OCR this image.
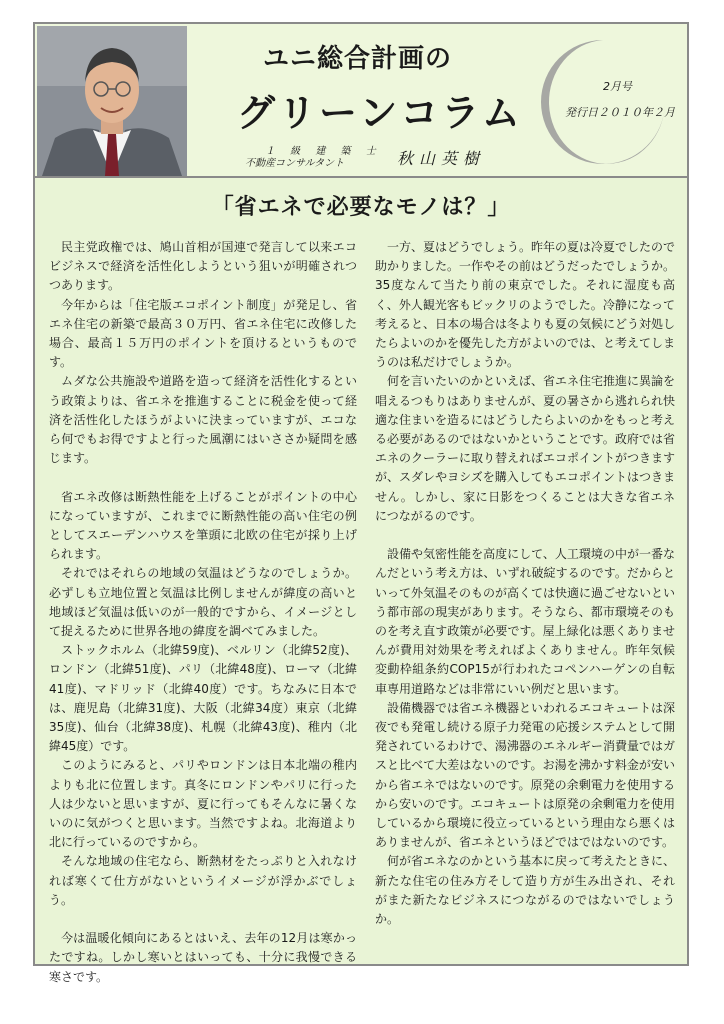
ユニ総合計画の
グリーンコラム
１ 級 建 築 士
不動産コンサルタント	秋山英樹
2月号
発行日２０１０年２月
「省エネで必要なモノは？」

民主党政権では、鳩山首相が国連で発言して以来エコビジネスで経済を活性化しようという狙いが明確されつつあります。

今年からは「住宅版エコポイント制度」が発足し、省エネ住宅の新築で最高３０万円、省エネ住宅に改修した場合、最高１５万円のポイントを頂けるというものです。

ムダな公共施設や道路を造って経済を活性化するという政策よりは、省エネを推進することに税金を使って経済を活性化したほうがよいに決まっていますが、エコなら何でもお得ですよと行った風潮にはいささか疑問を感じます。

省エネ改修は断熱性能を上げることがポイントの中心になっていますが、これまでに断熱性能の高い住宅の例としてスエーデンハウスを筆頭に北欧の住宅が採り上げられます。

それではそれらの地域の気温はどうなのでしょうか。必ずしも立地位置と気温は比例しませんが緯度の高いと地域ほど気温は低いのが一般的ですから、イメージとして捉えるために世界各地の緯度を調べてみました。

ストックホルム（北緯59度)、ベルリン（北緯52度)、ロンドン（北緯51度)、パリ（北緯48度)、ローマ（北緯41度)、マドリッド（北緯40度）です。ちなみに日本では、鹿児島（北緯31度)、大阪（北緯34度）東京（北緯35度)、仙台（北緯38度)、札幌（北緯43度)、稚内（北緯45度）です。

このようにみると、パリやロンドンは日本北端の稚内よりも北に位置します。真冬にロンドンやパリに行った人は少ないと思いますが、夏に行ってもそんなに暑くないのに気がつくと思います。当然ですよね。北海道より北に行っているのですから。

そんな地域の住宅なら、断熱材をたっぷりと入れなければ寒くて仕方がないというイメージが浮かぶでしょう。

今は温暖化傾向にあるとはいえ、去年の12月は寒かったですね。しかし寒いとはいっても、十分に我慢できる寒さです。

一方、夏はどうでしょう。昨年の夏は冷夏でしたので助かりました。一作やその前はどうだったでしょうか。35度なんて当たり前の東京でした。それに湿度も高く、外人観光客もビックリのようでした。冷静になって考えると、日本の場合は冬よりも夏の気候にどう対処したらよいのかを優先した方がよいのでは、と考えてしまうのは私だけでしょうか。

何を言いたいのかといえば、省エネ住宅推進に異論を唱えるつもりはありませんが、夏の暑さから逃れられ快適な住まいを造るにはどうしたらよいのかをもっと考える必要があるのではないかということです。政府では省エネのクーラーに取り替えればエコポイントがつきますが、スダレやヨシズを購入してもエコポイントはつきません。しかし、家に日影をつくることは大きな省エネにつながるのです。

設備や気密性能を高度にして、人工環境の中が一番なんだという考え方は、いずれ破綻するのです。だからといって外気温そのものが高くては快適に過ごせないという都市部の現実があります。そうなら、都市環境そのものを考え直す政策が必要です。屋上緑化は悪くありませんが費用対効果を考えればよくありません。昨年気候変動枠組条約COP15が行われたコペンハーゲンの自転車専用道路などは非常にいい例だと思います。

設備機器では省エネ機器といわれるエコキュートは深夜でも発電し続ける原子力発電の応援システムとして開発されているわけで、湯沸器のエネルギー消費量ではガスと比べて大差はないのです。お湯を沸かす料金が安いから省エネではないのです。原発の余剰電力を使用するから安いのです。エコキュートは原発の余剰電力を使用しているから環境に役立っているという理由なら悪くはありませんが、省エネというほどではではないのです。

何が省エネなのかという基本に戻って考えたときに、新たな住宅の住み方そして造り方が生み出され、それがまた新たなビジネスにつながるのではないでしょうか。
